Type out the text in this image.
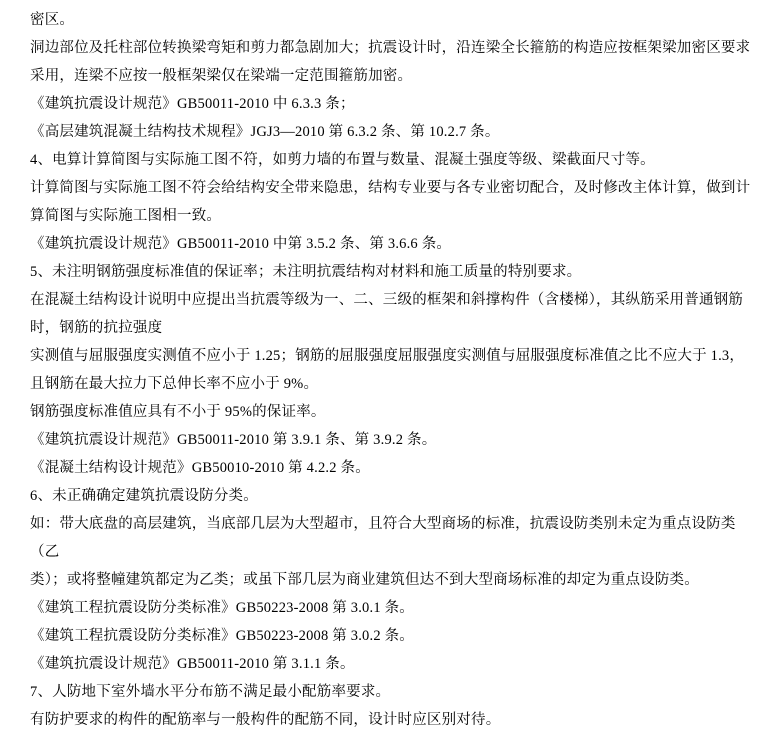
密区。
洞边部位及托柱部位转换梁弯矩和剪力都急剧加大；抗震设计时，沿连梁全长箍筋的构造应按框架梁加密区要求
采用，连梁不应按一般框架梁仅在梁端一定范围箍筋加密。
《建筑抗震设计规范》GB50011-2010 中 6.3.3 条；
《高层建筑混凝土结构技术规程》JGJ3—2010 第 6.3.2 条、第 10.2.7 条。
4、电算计算简图与实际施工图不符，如剪力墙的布置与数量、混凝土强度等级、梁截面尺寸等。
计算简图与实际施工图不符会给结构安全带来隐患，结构专业要与各专业密切配合，及时修改主体计算，做到计
算简图与实际施工图相一致。
《建筑抗震设计规范》GB50011-2010 中第 3.5.2 条、第 3.6.6 条。
5、未注明钢筋强度标准值的保证率；未注明抗震结构对材料和施工质量的特别要求。
在混凝土结构设计说明中应提出当抗震等级为一、二、三级的框架和斜撑构件（含楼梯），其纵筋采用普通钢筋
时，钢筋的抗拉强度
实测值与屈服强度实测值不应小于 1.25；钢筋的屈服强度屈服强度实测值与屈服强度标准值之比不应大于 1.3，
且钢筋在最大拉力下总伸长率不应小于 9%。
钢筋强度标准值应具有不小于 95%的保证率。
《建筑抗震设计规范》GB50011-2010 第 3.9.1 条、第 3.9.2 条。
《混凝土结构设计规范》GB50010-2010 第 4.2.2 条。
6、未正确确定建筑抗震设防分类。
如：带大底盘的高层建筑，当底部几层为大型超市，且符合大型商场的标准，抗震设防类别未定为重点设防类（乙
类）；或将整幢建筑都定为乙类；或虽下部几层为商业建筑但达不到大型商场标准的却定为重点设防类。
《建筑工程抗震设防分类标准》GB50223-2008 第 3.0.1 条。
《建筑工程抗震设防分类标准》GB50223-2008 第 3.0.2 条。
《建筑抗震设计规范》GB50011-2010 第 3.1.1 条。
7、人防地下室外墙水平分布筋不满足最小配筋率要求。
有防护要求的构件的配筋率与一般构件的配筋不同，设计时应区别对待。
